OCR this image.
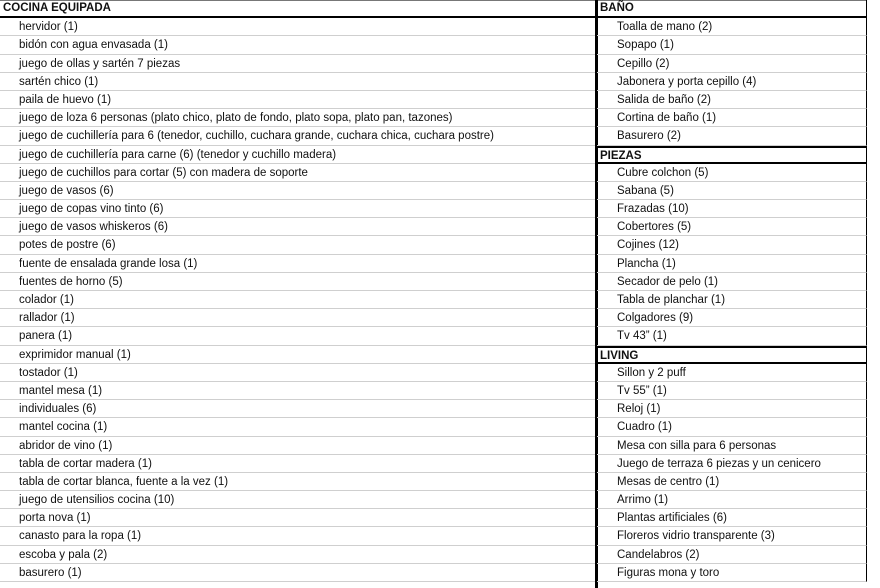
COCINA EQUIPADA
hervidor (1)
bidón con agua envasada (1)
juego de ollas y sartén 7 piezas
sartén chico (1)
paila de huevo (1)
juego de loza 6 personas (plato chico, plato de fondo, plato sopa, plato pan, tazones)
juego de cuchillería para 6 (tenedor, cuchillo, cuchara grande, cuchara chica, cuchara postre)
juego de cuchillería para carne (6) (tenedor y cuchillo madera)
juego de cuchillos para cortar (5) con madera de soporte
juego de vasos (6)
juego de copas vino tinto (6)
juego de vasos whiskeros (6)
potes de postre (6)
fuente de ensalada grande losa (1)
fuentes de horno (5)
colador (1)
rallador (1)
panera (1)
exprimidor manual (1)
tostador (1)
mantel mesa (1)
individuales (6)
mantel cocina (1)
abridor de vino (1)
tabla de cortar madera (1)
tabla de cortar blanca, fuente a la vez (1)
juego de utensilios cocina (10)
porta nova (1)
canasto para la ropa (1)
escoba y pala (2)
basurero (1)
BAÑO
Toalla de mano (2)
Sopapo (1)
Cepillo (2)
Jabonera y porta cepillo (4)
Salida de baño (2)
Cortina de baño (1)
Basurero (2)
PIEZAS
Cubre colchon (5)
Sabana (5)
Frazadas (10)
Cobertores (5)
Cojines (12)
Plancha (1)
Secador de pelo (1)
Tabla de planchar (1)
Colgadores (9)
Tv 43” (1)
LIVING
Sillon y 2 puff
Tv 55” (1)
Reloj (1)
Cuadro (1)
Mesa con silla para 6 personas
Juego de terraza 6 piezas y un cenicero
Mesas de centro (1)
Arrimo (1)
Plantas artificiales (6)
Floreros vidrio transparente (3)
Candelabros (2)
Figuras mona y toro
